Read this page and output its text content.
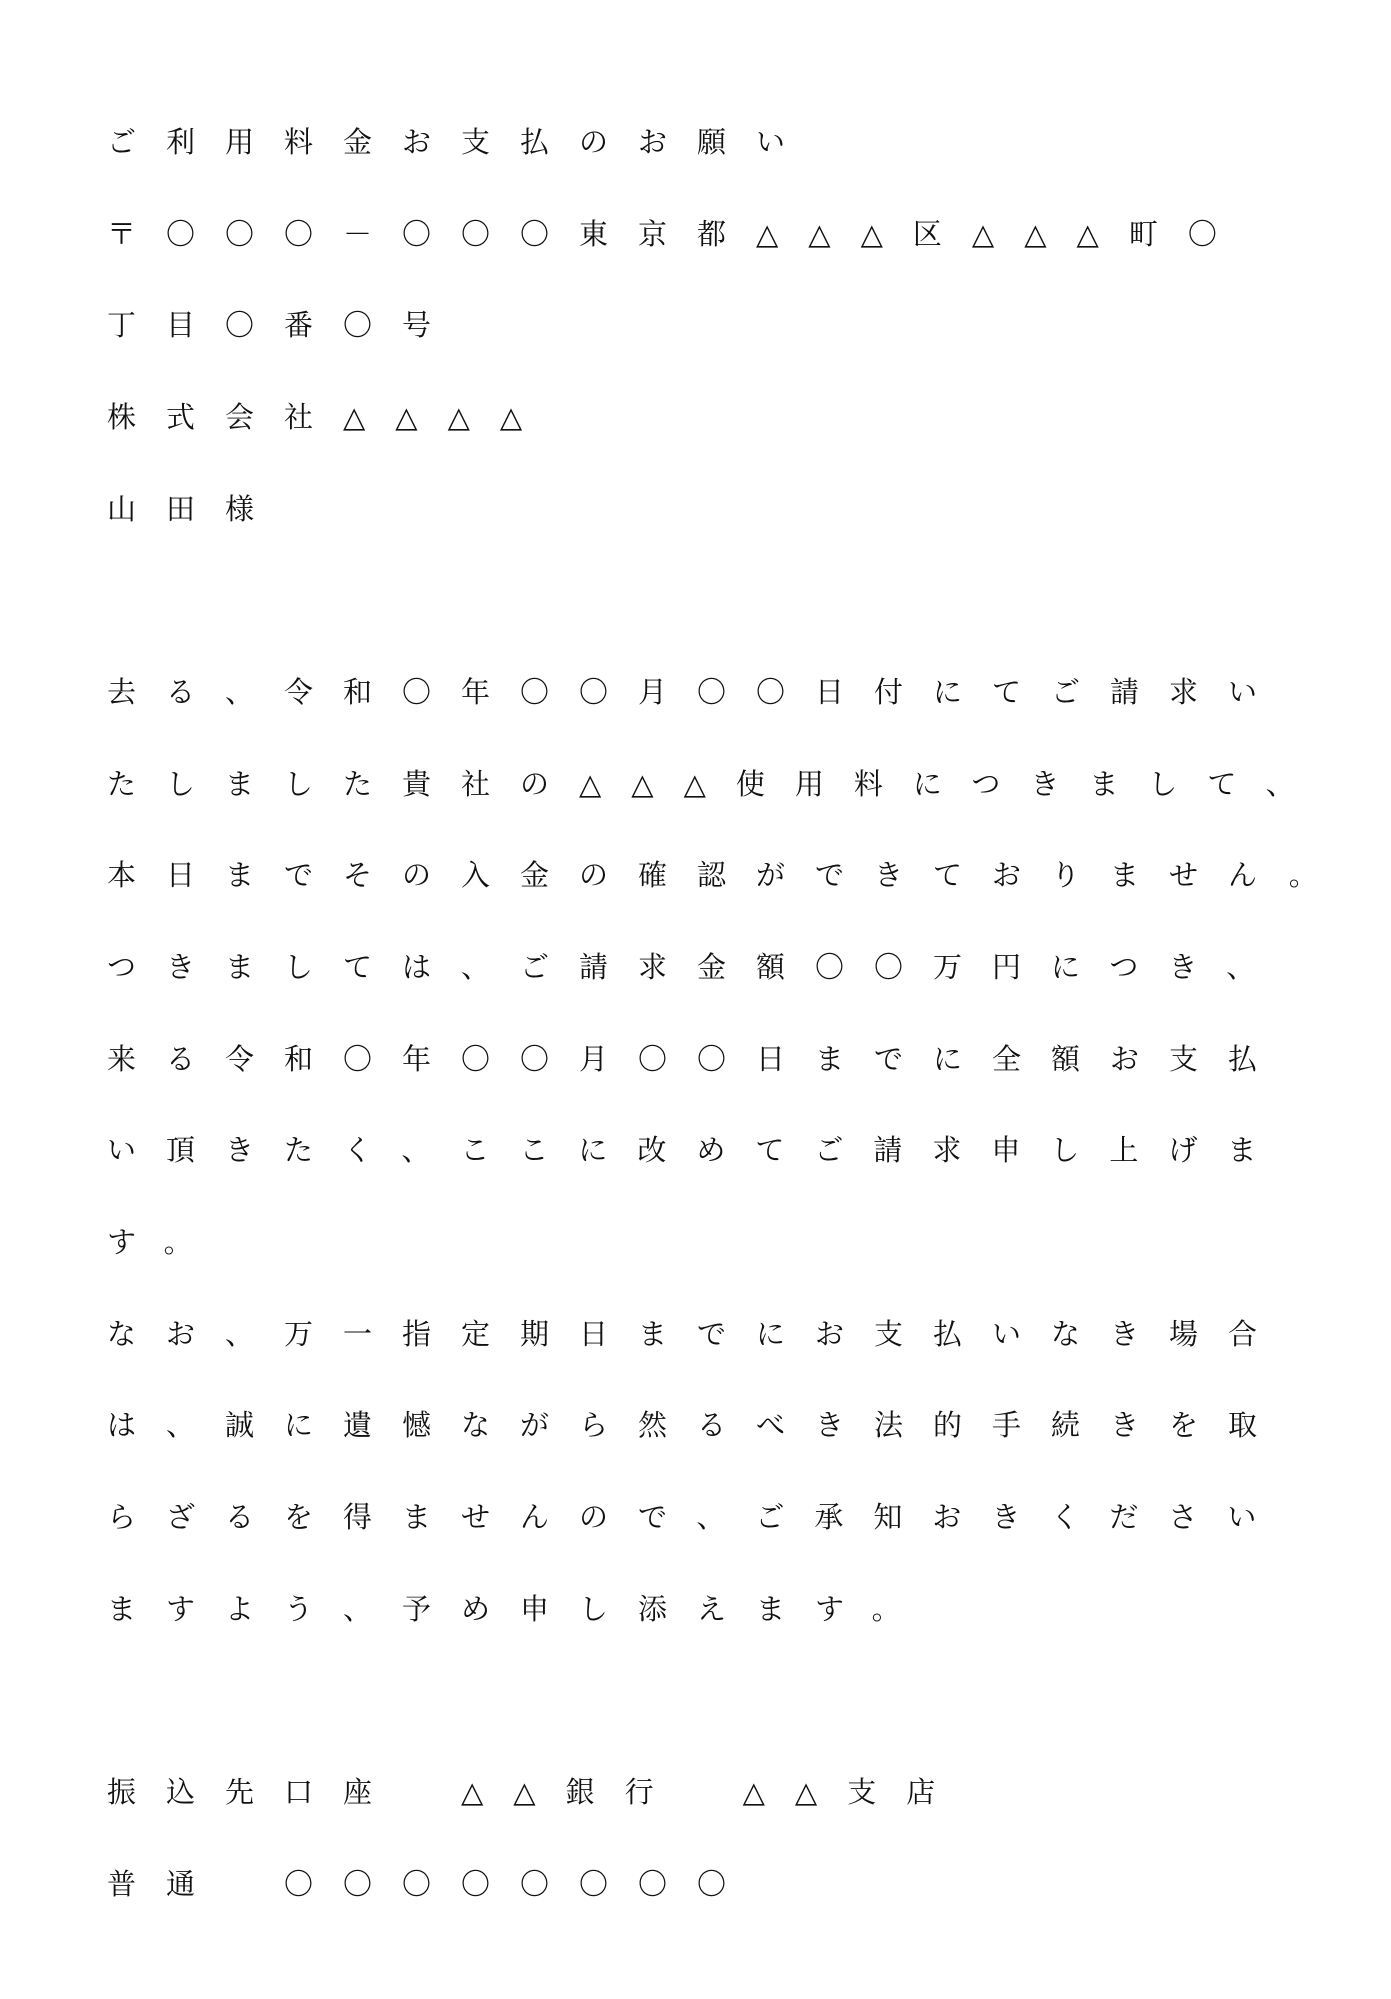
ご利用料金お支払のお願い
〒〇〇〇－〇〇〇東京都△△△区△△△町〇
丁目〇番〇号
株式会社△△△△
山田様
去る、令和〇年〇〇月〇〇日付にてご請求い
たしました貴社の△△△使用料につきまして、
本日までその入金の確認ができておりません。
つきましては、ご請求金額〇〇万円につき、
来る令和〇年〇〇月〇〇日までに全額お支払
い頂きたく、ここに改めてご請求申し上げま
す。
なお、万一指定期日までにお支払いなき場合
は、誠に遺憾ながら然るべき法的手続きを取
らざるを得ませんので、ご承知おきください
ますよう、予め申し添えます。
振込先口座　△△銀行　△△支店
普通　〇〇〇〇〇〇〇〇
